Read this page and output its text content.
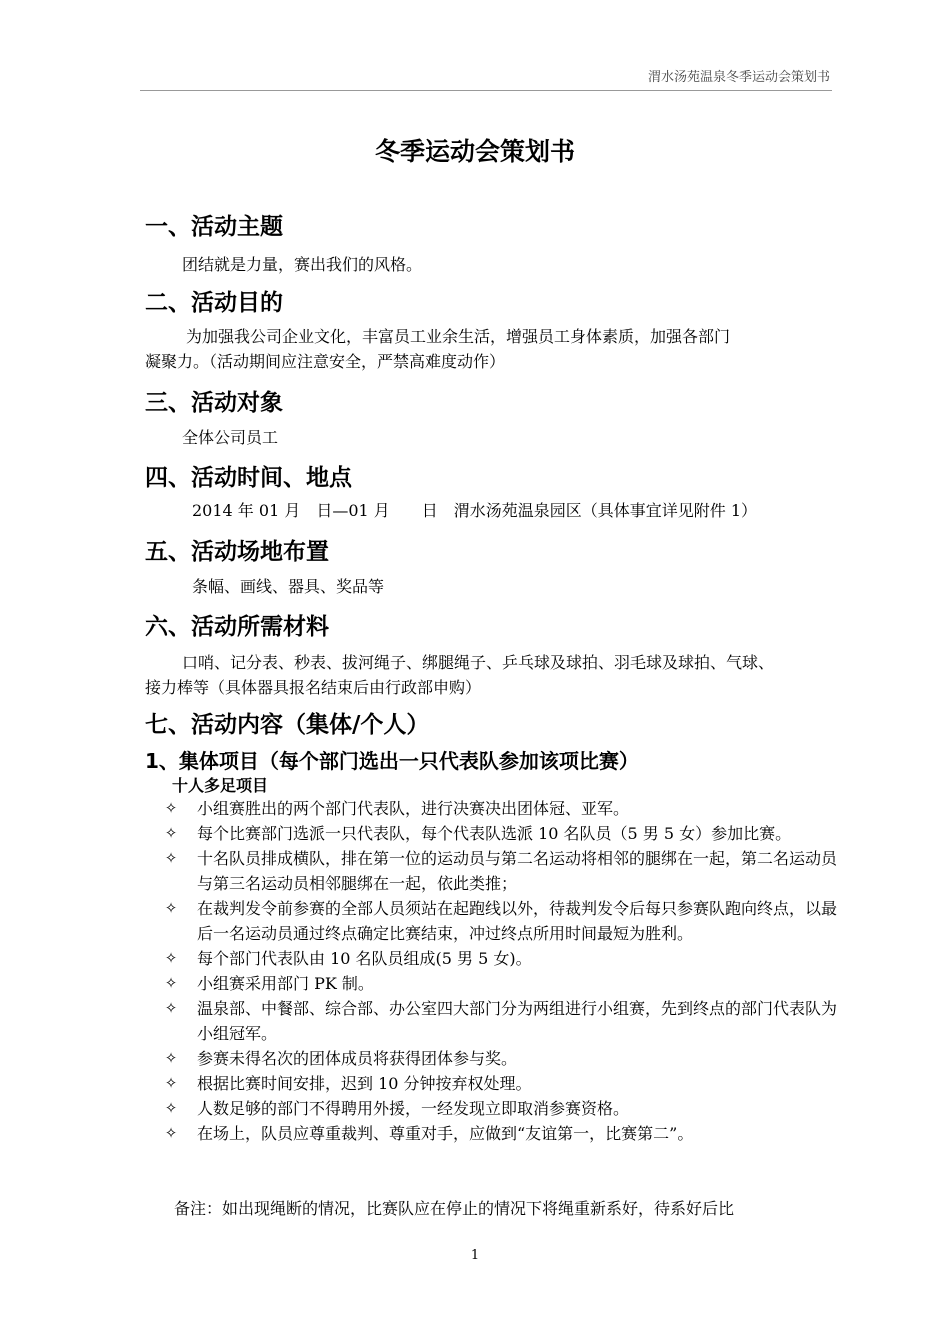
渭水汤苑温泉冬季运动会策划书
冬季运动会策划书
一、活动主题
团结就是力量，赛出我们的风格。
二、活动目的
为加强我公司企业文化，丰富员工业余生活，增强员工身体素质，加强各部门
凝聚力。（活动期间应注意安全，严禁高难度动作）
三、活动对象
全体公司员工
四、活动时间、地点
2014 年 01 月　日—01 月　　日　渭水汤苑温泉园区（具体事宜详见附件 1）
五、活动场地布置
条幅、画线、器具、奖品等
六、活动所需材料
口哨、记分表、秒表、拔河绳子、绑腿绳子、乒乓球及球拍、羽毛球及球拍、气球、
接力棒等（具体器具报名结束后由行政部申购）
七、活动内容（集体/个人）
1、集体项目（每个部门选出一只代表队参加该项比赛）
十人多足项目
✧ 小组赛胜出的两个部门代表队，进行决赛决出团体冠、亚军。
✧ 每个比赛部门选派一只代表队，每个代表队选派 10 名队员（5 男 5 女）参加比赛。
✧ 十名队员排成横队，排在第一位的运动员与第二名运动将相邻的腿绑在一起，第二名运动员与第三名运动员相邻腿绑在一起，依此类推；
✧ 在裁判发令前参赛的全部人员须站在起跑线以外，待裁判发令后每只参赛队跑向终点，以最后一名运动员通过终点确定比赛结束，冲过终点所用时间最短为胜利。
✧ 每个部门代表队由 10 名队员组成(5 男 5 女)。
✧ 小组赛采用部门 PK 制。
✧ 温泉部、中餐部、综合部、办公室四大部门分为两组进行小组赛，先到终点的部门代表队为小组冠军。
✧ 参赛未得名次的团体成员将获得团体参与奖。
✧ 根据比赛时间安排，迟到 10 分钟按弃权处理。
✧ 人数足够的部门不得聘用外援，一经发现立即取消参赛资格。
✧ 在场上，队员应尊重裁判、尊重对手，应做到“友谊第一，比赛第二”。
备注：如出现绳断的情况，比赛队应在停止的情况下将绳重新系好，待系好后比
1
